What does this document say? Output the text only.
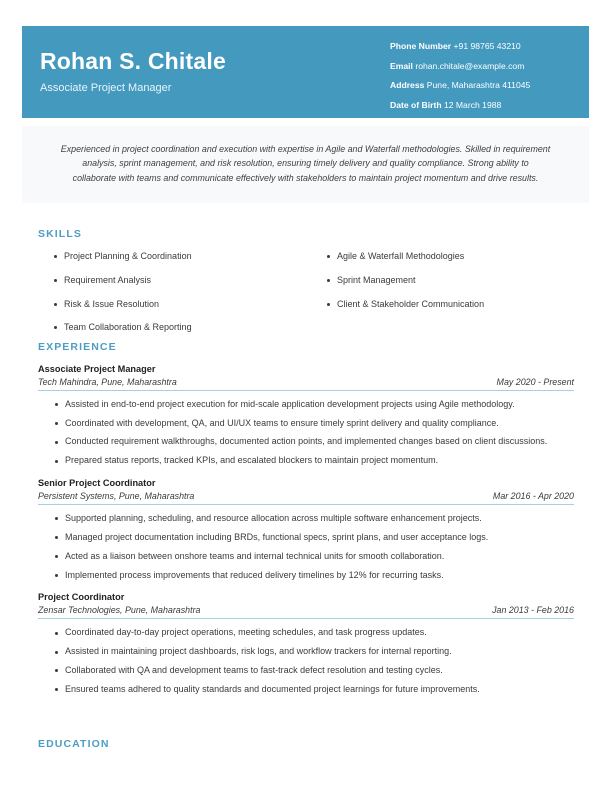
Rohan S. Chitale
Associate Project Manager
Phone Number +91 98765 43210
Email rohan.chitale@example.com
Address Pune, Maharashtra 411045
Date of Birth 12 March 1988

Experienced in project coordination and execution with expertise in Agile and Waterfall methodologies. Skilled in requirement analysis, sprint management, and risk resolution, ensuring timely delivery and quality compliance. Strong ability to collaborate with teams and communicate effectively with stakeholders to maintain project momentum and drive results.

SKILLS
Project Planning & Coordination
Requirement Analysis
Risk & Issue Resolution
Team Collaboration & Reporting
Agile & Waterfall Methodologies
Sprint Management
Client & Stakeholder Communication
EXPERIENCE
Associate Project Manager
Tech Mahindra, Pune, Maharashtra	May 2020 - Present
Assisted in end-to-end project execution for mid-scale application development projects using Agile methodology.
Coordinated with development, QA, and UI/UX teams to ensure timely sprint delivery and quality compliance.
Conducted requirement walkthroughs, documented action points, and implemented changes based on client discussions.
Prepared status reports, tracked KPIs, and escalated blockers to maintain project momentum.
Senior Project Coordinator
Persistent Systems, Pune, Maharashtra	Mar 2016 - Apr 2020
Supported planning, scheduling, and resource allocation across multiple software enhancement projects.
Managed project documentation including BRDs, functional specs, sprint plans, and user acceptance logs.
Acted as a liaison between onshore teams and internal technical units for smooth collaboration.
Implemented process improvements that reduced delivery timelines by 12% for recurring tasks.
Project Coordinator
Zensar Technologies, Pune, Maharashtra	Jan 2013 - Feb 2016
Coordinated day-to-day project operations, meeting schedules, and task progress updates.
Assisted in maintaining project dashboards, risk logs, and workflow trackers for internal reporting.
Collaborated with QA and development teams to fast-track defect resolution and testing cycles.
Ensured teams adhered to quality standards and documented project learnings for future improvements.
EDUCATION
